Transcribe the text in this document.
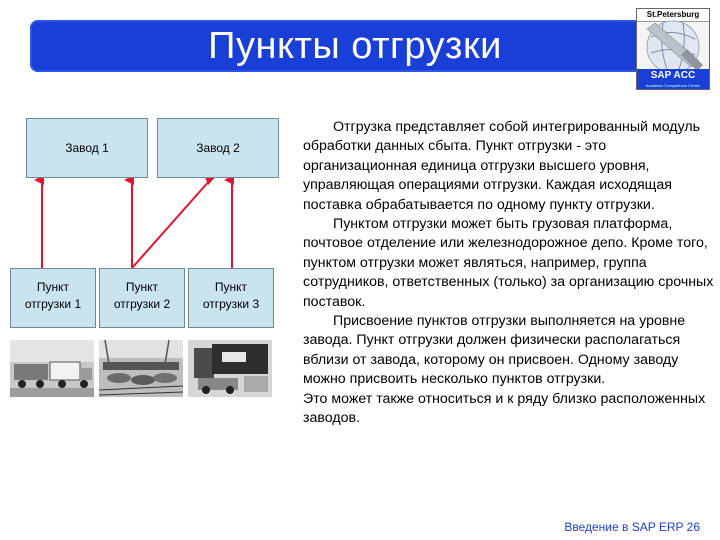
Пункты отгрузки
St.Petersburg
SAP ACC
Academic Competence Center
Завод 1	Завод 2
Пункт
отгрузки 1
Пункт
отгрузки 2
Пункт
отгрузки 3

Отгрузка представляет собой интегрированный модуль обработки данных сбыта. Пункт отгрузки - это организационная единица отгрузки высшего уровня, управляющая операциями отгрузки. Каждая исходящая поставка обрабатывается по одному пункту отгрузки.

Пунктом отгрузки может быть грузовая платформа, почтовое отделение или железнодорожное депо. Кроме того, пунктом отгрузки может являться, например, группа сотрудников, ответственных (только) за организацию срочных поставок.

Присвоение пунктов отгрузки выполняется на уровне завода. Пункт отгрузки должен физически располагаться вблизи от завода, которому он присвоен. Одному заводу можно присвоить несколько пунктов отгрузки.

Это может также относиться и к ряду близко расположенных заводов.

Введение в SAP ERP 26
